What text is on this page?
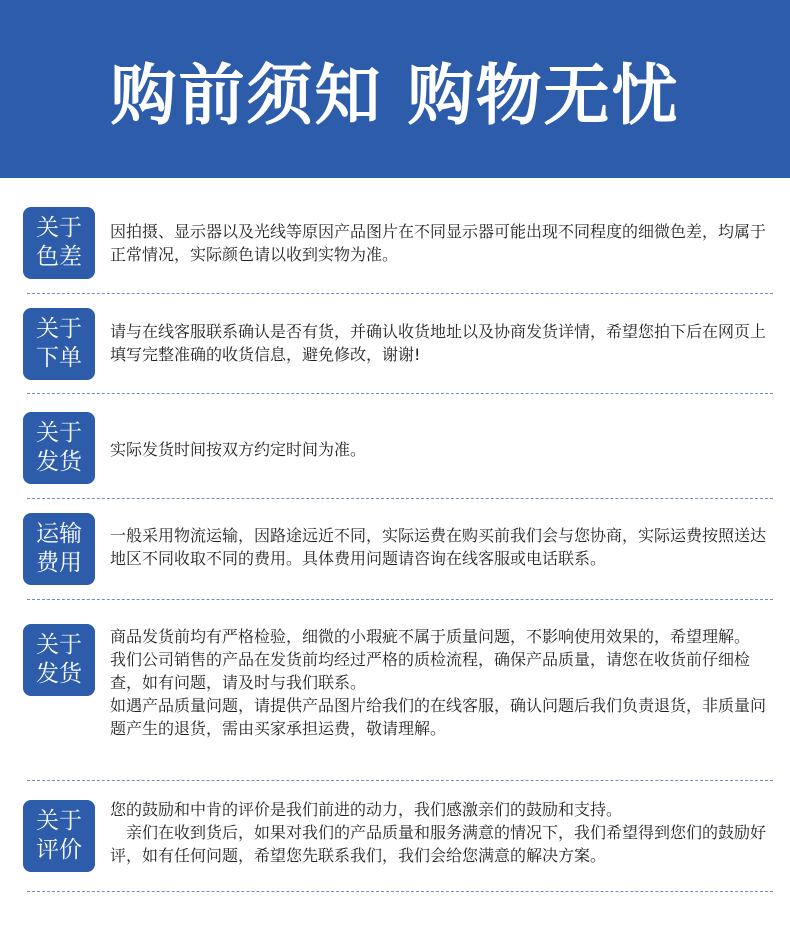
购前须知 购物无忧
关于
色差

因拍摄、显示器以及光线等原因产品图片在不同显示器可能出现不同程度的细微色差，均属于正常情况，实际颜色请以收到实物为准。

关于
下单

请与在线客服联系确认是否有货，并确认收货地址以及协商发货详情，希望您拍下后在网页上填写完整准确的收货信息，避免修改，谢谢!

关于
发货 实际发货时间按双方约定时间为准。

运输
费用

一般采用物流运输，因路途远近不同，实际运费在购买前我们会与您协商，实际运费按照送达地区不同收取不同的费用。具体费用问题请咨询在线客服或电话联系。

关于
发货

商品发货前均有严格检验，细微的小瑕疵不属于质量问题，不影响使用效果的，希望理解。

我们公司销售的产品在发货前均经过严格的质检流程，确保产品质量，请您在收货前仔细检查，如有问题，请及时与我们联系。

如遇产品质量问题，请提供产品图片给我们的在线客服，确认问题后我们负责退货，非质量问题产生的退货，需由买家承担运费，敬请理解。

关于
评价

您的鼓励和中肯的评价是我们前进的动力，我们感激亲们的鼓励和支持。

　亲们在收到货后，如果对我们的产品质量和服务满意的情况下，我们希望得到您们的鼓励好评，如有任何问题，希望您先联系我们，我们会给您满意的解决方案。
